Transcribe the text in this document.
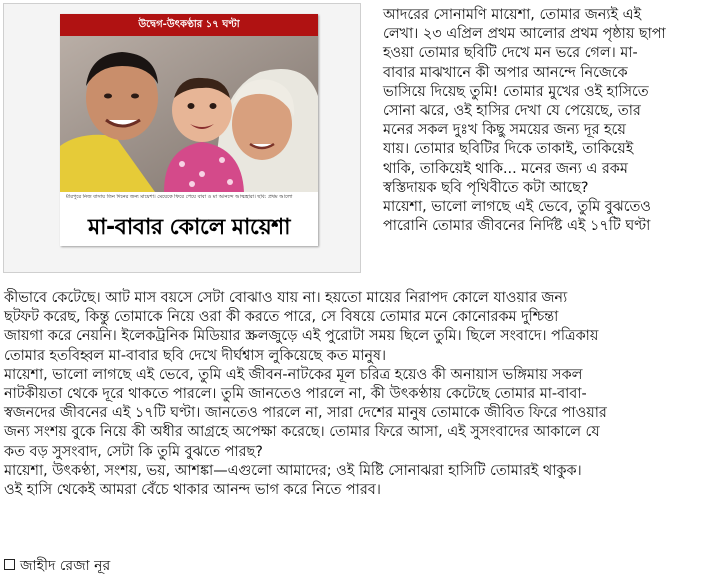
উদ্বেগ-উৎকণ্ঠার ১৭ ঘণ্টা
মীরপুরে নিজ বাসায় তিন দিনের জন্য মায়েশা। মেয়েকে ফিরে পেয়ে বাবা ও মা আনন্দে আত্মহারা। ছবি: প্রথম আলো
মা-বাবার কোলে মায়েশা
আদরের সোনামণি মায়েশা, তোমার জন্যই এই
লেখা। ২৩ এপ্রিল প্রথম আলোর প্রথম পৃষ্ঠায় ছাপা
হওয়া তোমার ছবিটি দেখে মন ভরে গেল। মা-
বাবার মাঝখানে কী অপার আনন্দে নিজেকে
ভাসিয়ে দিয়েছ তুমি! তোমার মুখের ওই হাসিতে
সোনা ঝরে, ওই হাসির দেখা যে পেয়েছে, তার
মনের সকল দুঃখ কিছু সময়ের জন্য দূর হয়ে
যায়। তোমার ছবিটির দিকে তাকাই, তাকিয়েই
থাকি, তাকিয়েই থাকি... মনের জন্য এ রকম
স্বস্তিদায়ক ছবি পৃথিবীতে কটা আছে?
মায়েশা, ভালো লাগছে এই ভেবে, তুমি বুঝতেও
পারোনি তোমার জীবনের নির্দিষ্ট এই ১৭টি ঘণ্টা
কীভাবে কেটেছে। আট মাস বয়সে সেটা বোঝাও যায় না। হয়তো মায়ের নিরাপদ কোলে যাওয়ার জন্য
ছটফট করেছ, কিন্তু তোমাকে নিয়ে ওরা কী করতে পারে, সে বিষয়ে তোমার মনে কোনোরকম দুশ্চিন্তা
জায়গা করে নেয়নি। ইলেকট্রনিক মিডিয়ার স্ক্রলজুড়ে এই পুরোটা সময় ছিলে তুমি। ছিলে সংবাদে। পত্রিকায়
তোমার হতবিহ্বল মা-বাবার ছবি দেখে দীর্ঘশ্বাস লুকিয়েছে কত মানুষ।
মায়েশা, ভালো লাগছে এই ভেবে, তুমি এই জীবন-নাটকের মূল চরিত্র হয়েও কী অনায়াস ভঙ্গিমায় সকল
নাটকীয়তা থেকে দূরে থাকতে পারলে। তুমি জানতেও পারলে না, কী উৎকণ্ঠায় কেটেছে তোমার মা-বাবা-
স্বজনদের জীবনের এই ১৭টি ঘণ্টা। জানতেও পারলে না, সারা দেশের মানুষ তোমাকে জীবিত ফিরে পাওয়ার
জন্য সংশয় বুকে নিয়ে কী অধীর আগ্রহে অপেক্ষা করেছে। তোমার ফিরে আসা, এই সুসংবাদের আকালে যে
কত বড় সুসংবাদ, সেটা কি তুমি বুঝতে পারছ?
মায়েশা, উৎকণ্ঠা, সংশয়, ভয়, আশঙ্কা—এগুলো আমাদের; ওই মিষ্টি সোনাঝরা হাসিটি তোমারই থাকুক।
ওই হাসি থেকেই আমরা বেঁচে থাকার আনন্দ ভাগ করে নিতে পারব।
জাহীদ রেজা নূর
